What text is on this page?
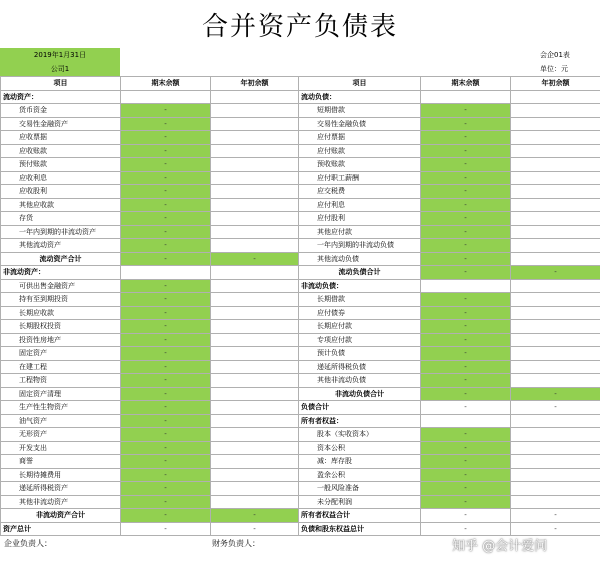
合并资产负债表
2019年1月31日
公司1
会企01表
单位：元
项目	期末余额	年初余额	项目	期末余额	年初余额
流动资产：			流动负债：		
货币资金	-		短期借款	-	
交易性金融资产	-		交易性金融负债	-	
应收票据	-		应付票据	-	
应收账款	-		应付账款	-	
预付账款	-		预收账款	-	
应收利息	-		应付职工薪酬	-	
应收股利	-		应交税费	-	
其他应收款	-		应付利息	-	
存货	-		应付股利	-	
一年内到期的非流动资产	-		其他应付款	-	
其他流动资产	-		一年内到期的非流动负债	-	
流动资产合计	-	-	其他流动负债	-	
非流动资产：			流动负债合计	-	-
可供出售金融资产	-		非流动负债：		
持有至到期投资	-		长期借款	-	
长期应收款	-		应付债券	-	
长期股权投资	-		长期应付款	-	
投资性房地产	-		专项应付款	-	
固定资产	-		预计负债	-	
在建工程	-		递延所得税负债	-	
工程物资	-		其他非流动负债	-	
固定资产清理	-		非流动负债合计	-	-
生产性生物资产	-		负债合计	-	-
油气资产	-		所有者权益：		
无形资产	-		股本（实收资本）	-	
开发支出	-		资本公积	-	
商誉	-		减：库存股	-	
长期待摊费用	-		盈余公积	-	
递延所得税资产	-		一般风险准备	-	
其他非流动资产	-		未分配利润	-	
非流动资产合计	-	-	所有者权益合计	-	-
资产总计	-	-	负债和股东权益总计	-	-
企业负责人：	财务负责人：	知乎 @会计爱问
